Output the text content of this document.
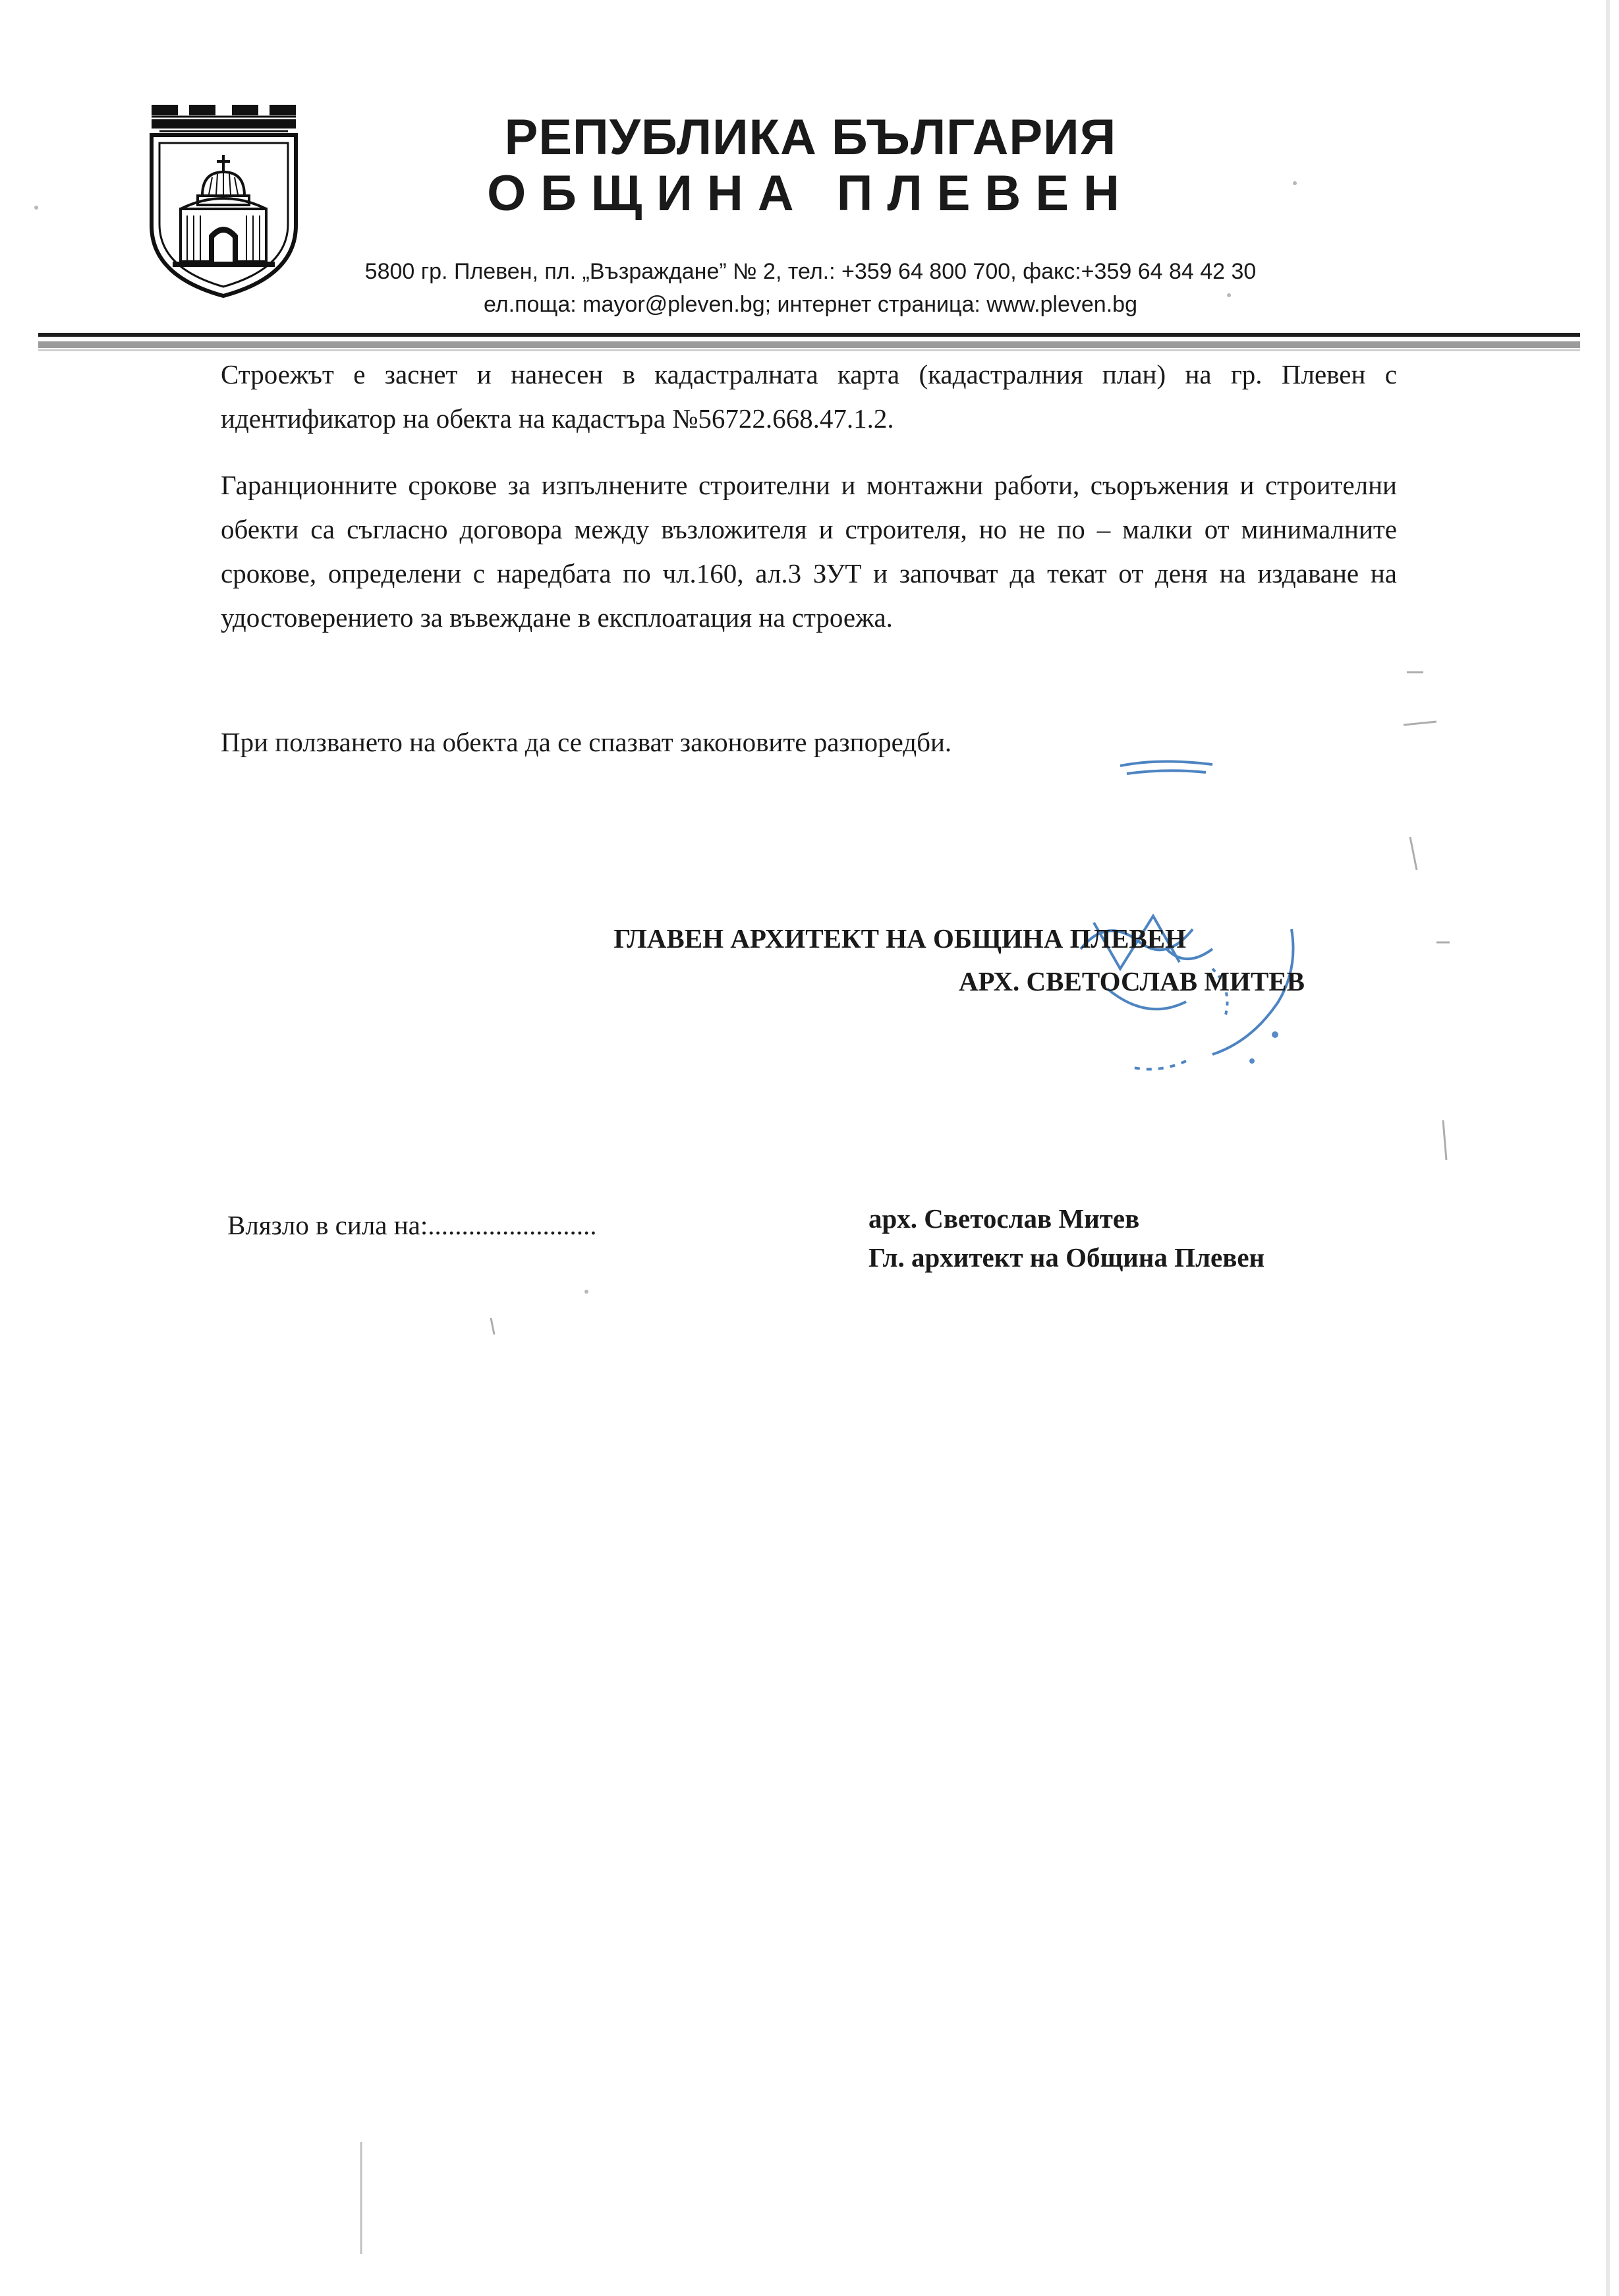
РЕПУБЛИКА БЪЛГАРИЯ
ОБЩИНА ПЛЕВЕН
5800 гр. Плевен, пл. „Възраждане” № 2, тел.: +359 64 800 700, факс:+359 64 84 42 30
ел.поща: mayor@pleven.bg; интернет страница: www.pleven.bg
Строежът е заснет и нанесен в кадастралната карта (кадастралния план) на гр. Плевен с идентификатор на обекта на кадастъра №56722.668.47.1.2.
Гаранционните срокове за изпълнените строителни и монтажни работи, съоръжения и строителни обекти са съгласно договора между възложителя и строителя, но не по – малки от минималните срокове, определени с наредбата по чл.160, ал.3 ЗУТ и започват да текат от деня на издаване на удостоверението за въвеждане в експлоатация на строежа.
При ползването на обекта да се спазват законовите разпоредби.
ГЛАВЕН АРХИТЕКТ НА ОБЩИНА ПЛЕВЕН
АРХ. СВЕТОСЛАВ МИТЕВ
Влязло в сила на:.........................	арх. Светослав Митев
Гл. архитект на Община Плевен
